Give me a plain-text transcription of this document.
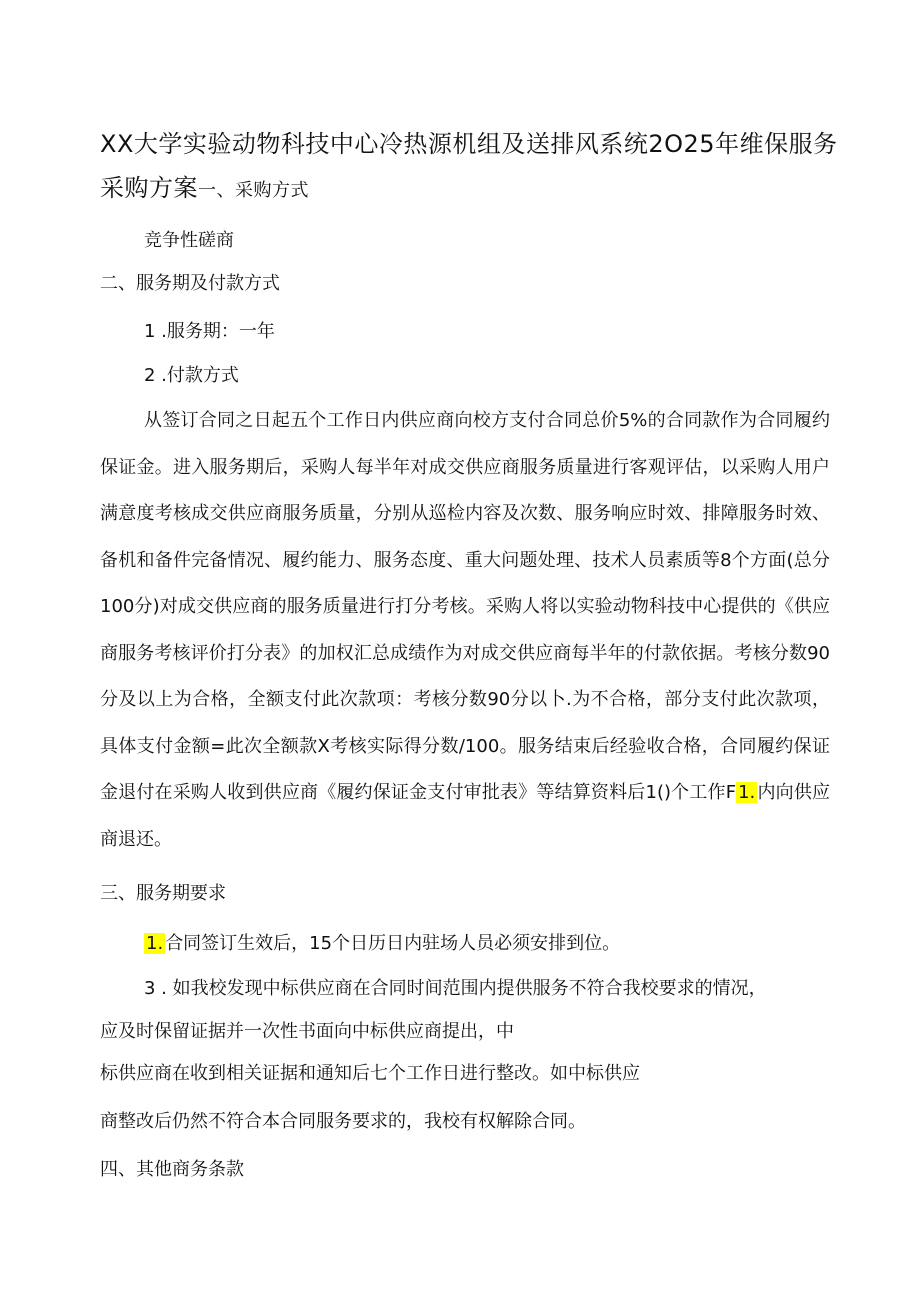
XX大学实验动物科技中心冷热源机组及送排风系统2O25年维保服务采购方案一、采购方式
竞争性磋商
二、服务期及付款方式
1 .服务期：一年
2 .付款方式
从签订合同之日起五个工作日内供应商向校方支付合同总价5%的合同款作为合同履约保证金。进入服务期后，采购人每半年对成交供应商服务质量进行客观评估，以采购人用户满意度考核成交供应商服务质量，分别从巡检内容及次数、服务响应时效、排障服务时效、备机和备件完备情况、履约能力、服务态度、重大问题处理、技术人员素质等8个方面(总分100分)对成交供应商的服务质量进行打分考核。采购人将以实验动物科技中心提供的《供应商服务考核评价打分表》的加权汇总成绩作为对成交供应商每半年的付款依据。考核分数90分及以上为合格，全额支付此次款项：考核分数90分以卜.为不合格，部分支付此次款项，具体支付金额=此次全额款X考核实际得分数/100。服务结束后经验收合格，合同履约保证金退付在采购人收到供应商《履约保证金支付审批表》等结算资料后1()个工作F 1. 内向供应商退还。
三、服务期要求
1. 合同签订生效后，15个日历日内驻场人员必须安排到位。
3 . 如我校发现中标供应商在合同时间范围内提供服务不符合我校要求的情况，
应及时保留证据并一次性书面向中标供应商提出，中
标供应商在收到相关证据和通知后七个工作日进行整改。如中标供应
商整改后仍然不符合本合同服务要求的，我校有权解除合同。
四、其他商务条款
